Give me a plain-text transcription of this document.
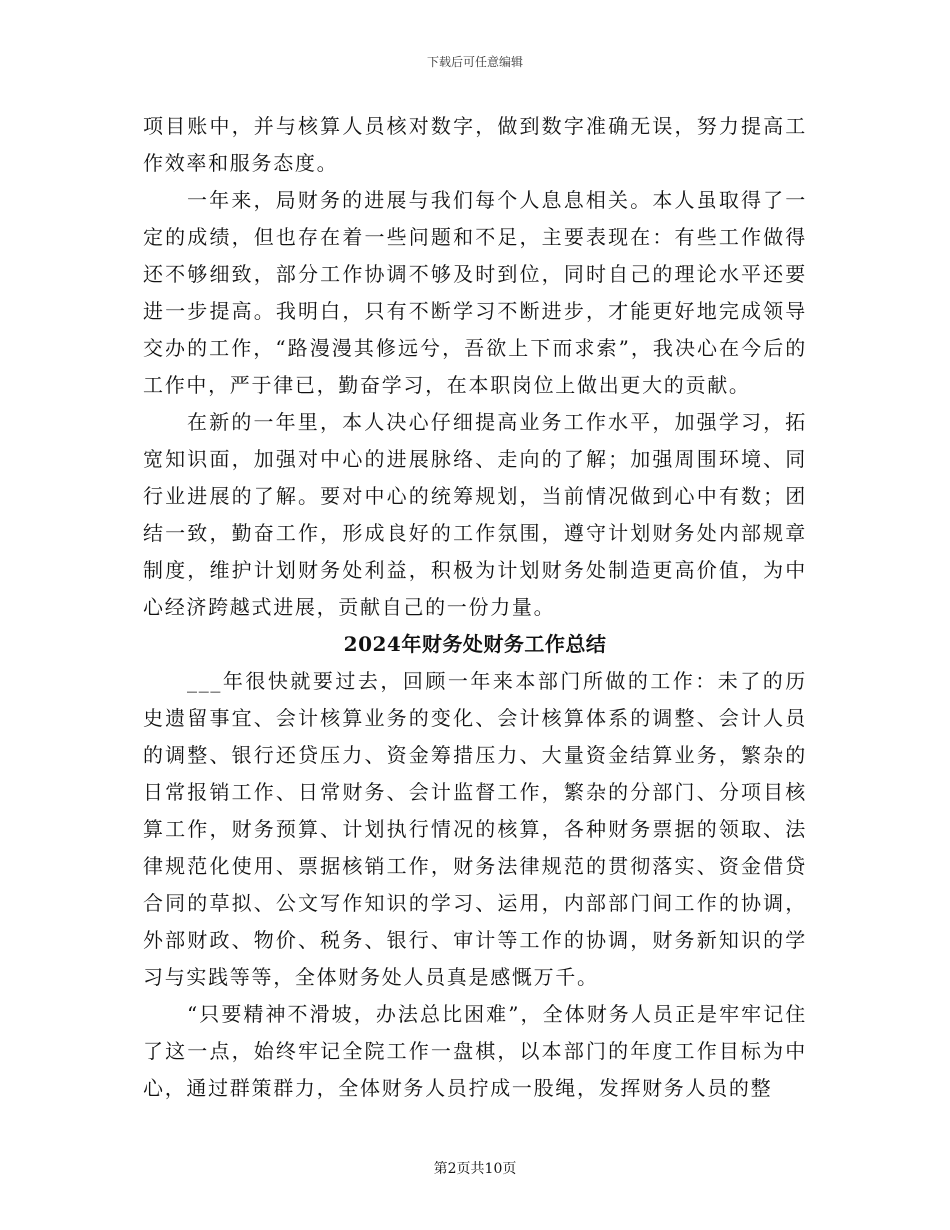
下载后可任意编辑

项目账中，并与核算人员核对数字，做到数字准确无误，努力提高工作效率和服务态度。

一年来，局财务的进展与我们每个人息息相关。本人虽取得了一定的成绩，但也存在着一些问题和不足，主要表现在：有些工作做得还不够细致，部分工作协调不够及时到位，同时自己的理论水平还要进一步提高。我明白，只有不断学习不断进步，才能更好地完成领导交办的工作，“路漫漫其修远兮，吾欲上下而求索”，我决心在今后的工作中，严于律已，勤奋学习，在本职岗位上做出更大的贡献。

在新的一年里，本人决心仔细提高业务工作水平，加强学习，拓宽知识面，加强对中心的进展脉络、走向的了解；加强周围环境、同行业进展的了解。要对中心的统筹规划，当前情况做到心中有数；团结一致，勤奋工作，形成良好的工作氛围，遵守计划财务处内部规章制度，维护计划财务处利益，积极为计划财务处制造更高价值，为中心经济跨越式进展，贡献自己的一份力量。

2024年财务处财务工作总结

___年很快就要过去，回顾一年来本部门所做的工作：未了的历史遗留事宜、会计核算业务的变化、会计核算体系的调整、会计人员的调整、银行还贷压力、资金筹措压力、大量资金结算业务，繁杂的日常报销工作、日常财务、会计监督工作，繁杂的分部门、分项目核算工作，财务预算、计划执行情况的核算，各种财务票据的领取、法律规范化使用、票据核销工作，财务法律规范的贯彻落实、资金借贷合同的草拟、公文写作知识的学习、运用，内部部门间工作的协调，外部财政、物价、税务、银行、审计等工作的协调，财务新知识的学习与实践等等，全体财务处人员真是感慨万千。

“只要精神不滑坡，办法总比困难”，全体财务人员正是牢牢记住了这一点，始终牢记全院工作一盘棋，以本部门的年度工作目标为中心，通过群策群力，全体财务人员拧成一股绳，发挥财务人员的整

第2页共10页
